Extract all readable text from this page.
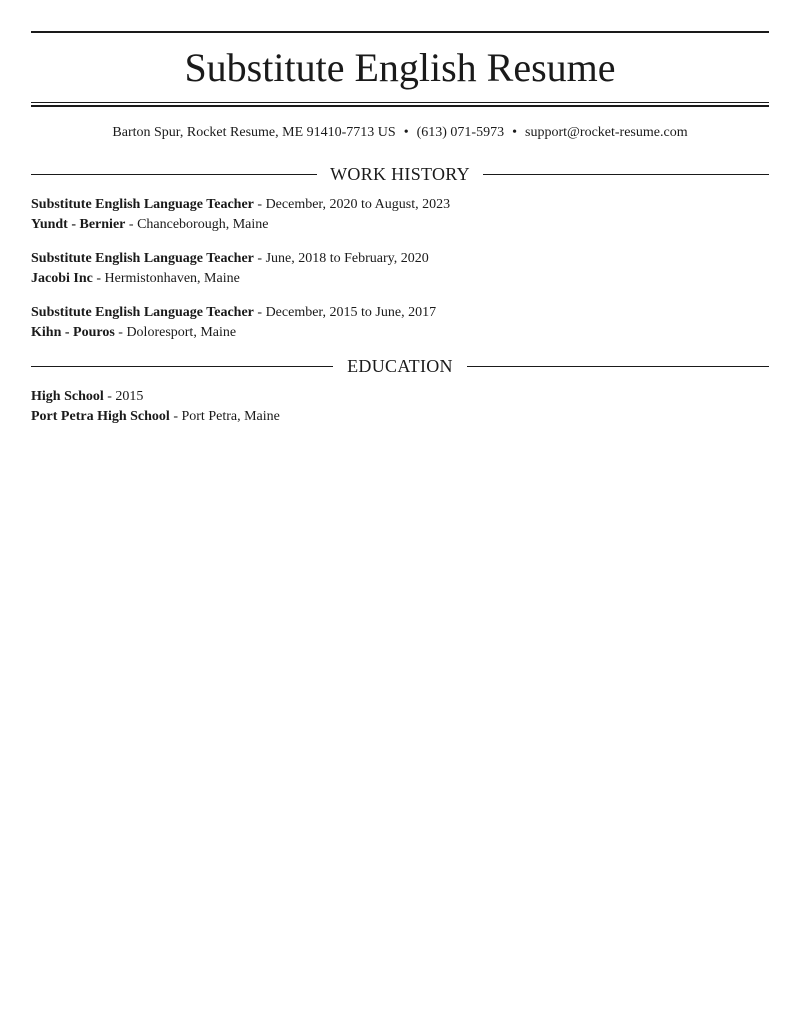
Substitute English Resume
Barton Spur, Rocket Resume, ME 91410-7713 US • (613) 071-5973 • support@rocket-resume.com
WORK HISTORY
Substitute English Language Teacher - December, 2020 to August, 2023
Yundt - Bernier - Chanceborough, Maine
Substitute English Language Teacher - June, 2018 to February, 2020
Jacobi Inc - Hermistonhaven, Maine
Substitute English Language Teacher - December, 2015 to June, 2017
Kihn - Pouros - Doloresport, Maine
EDUCATION
High School - 2015
Port Petra High School - Port Petra, Maine
